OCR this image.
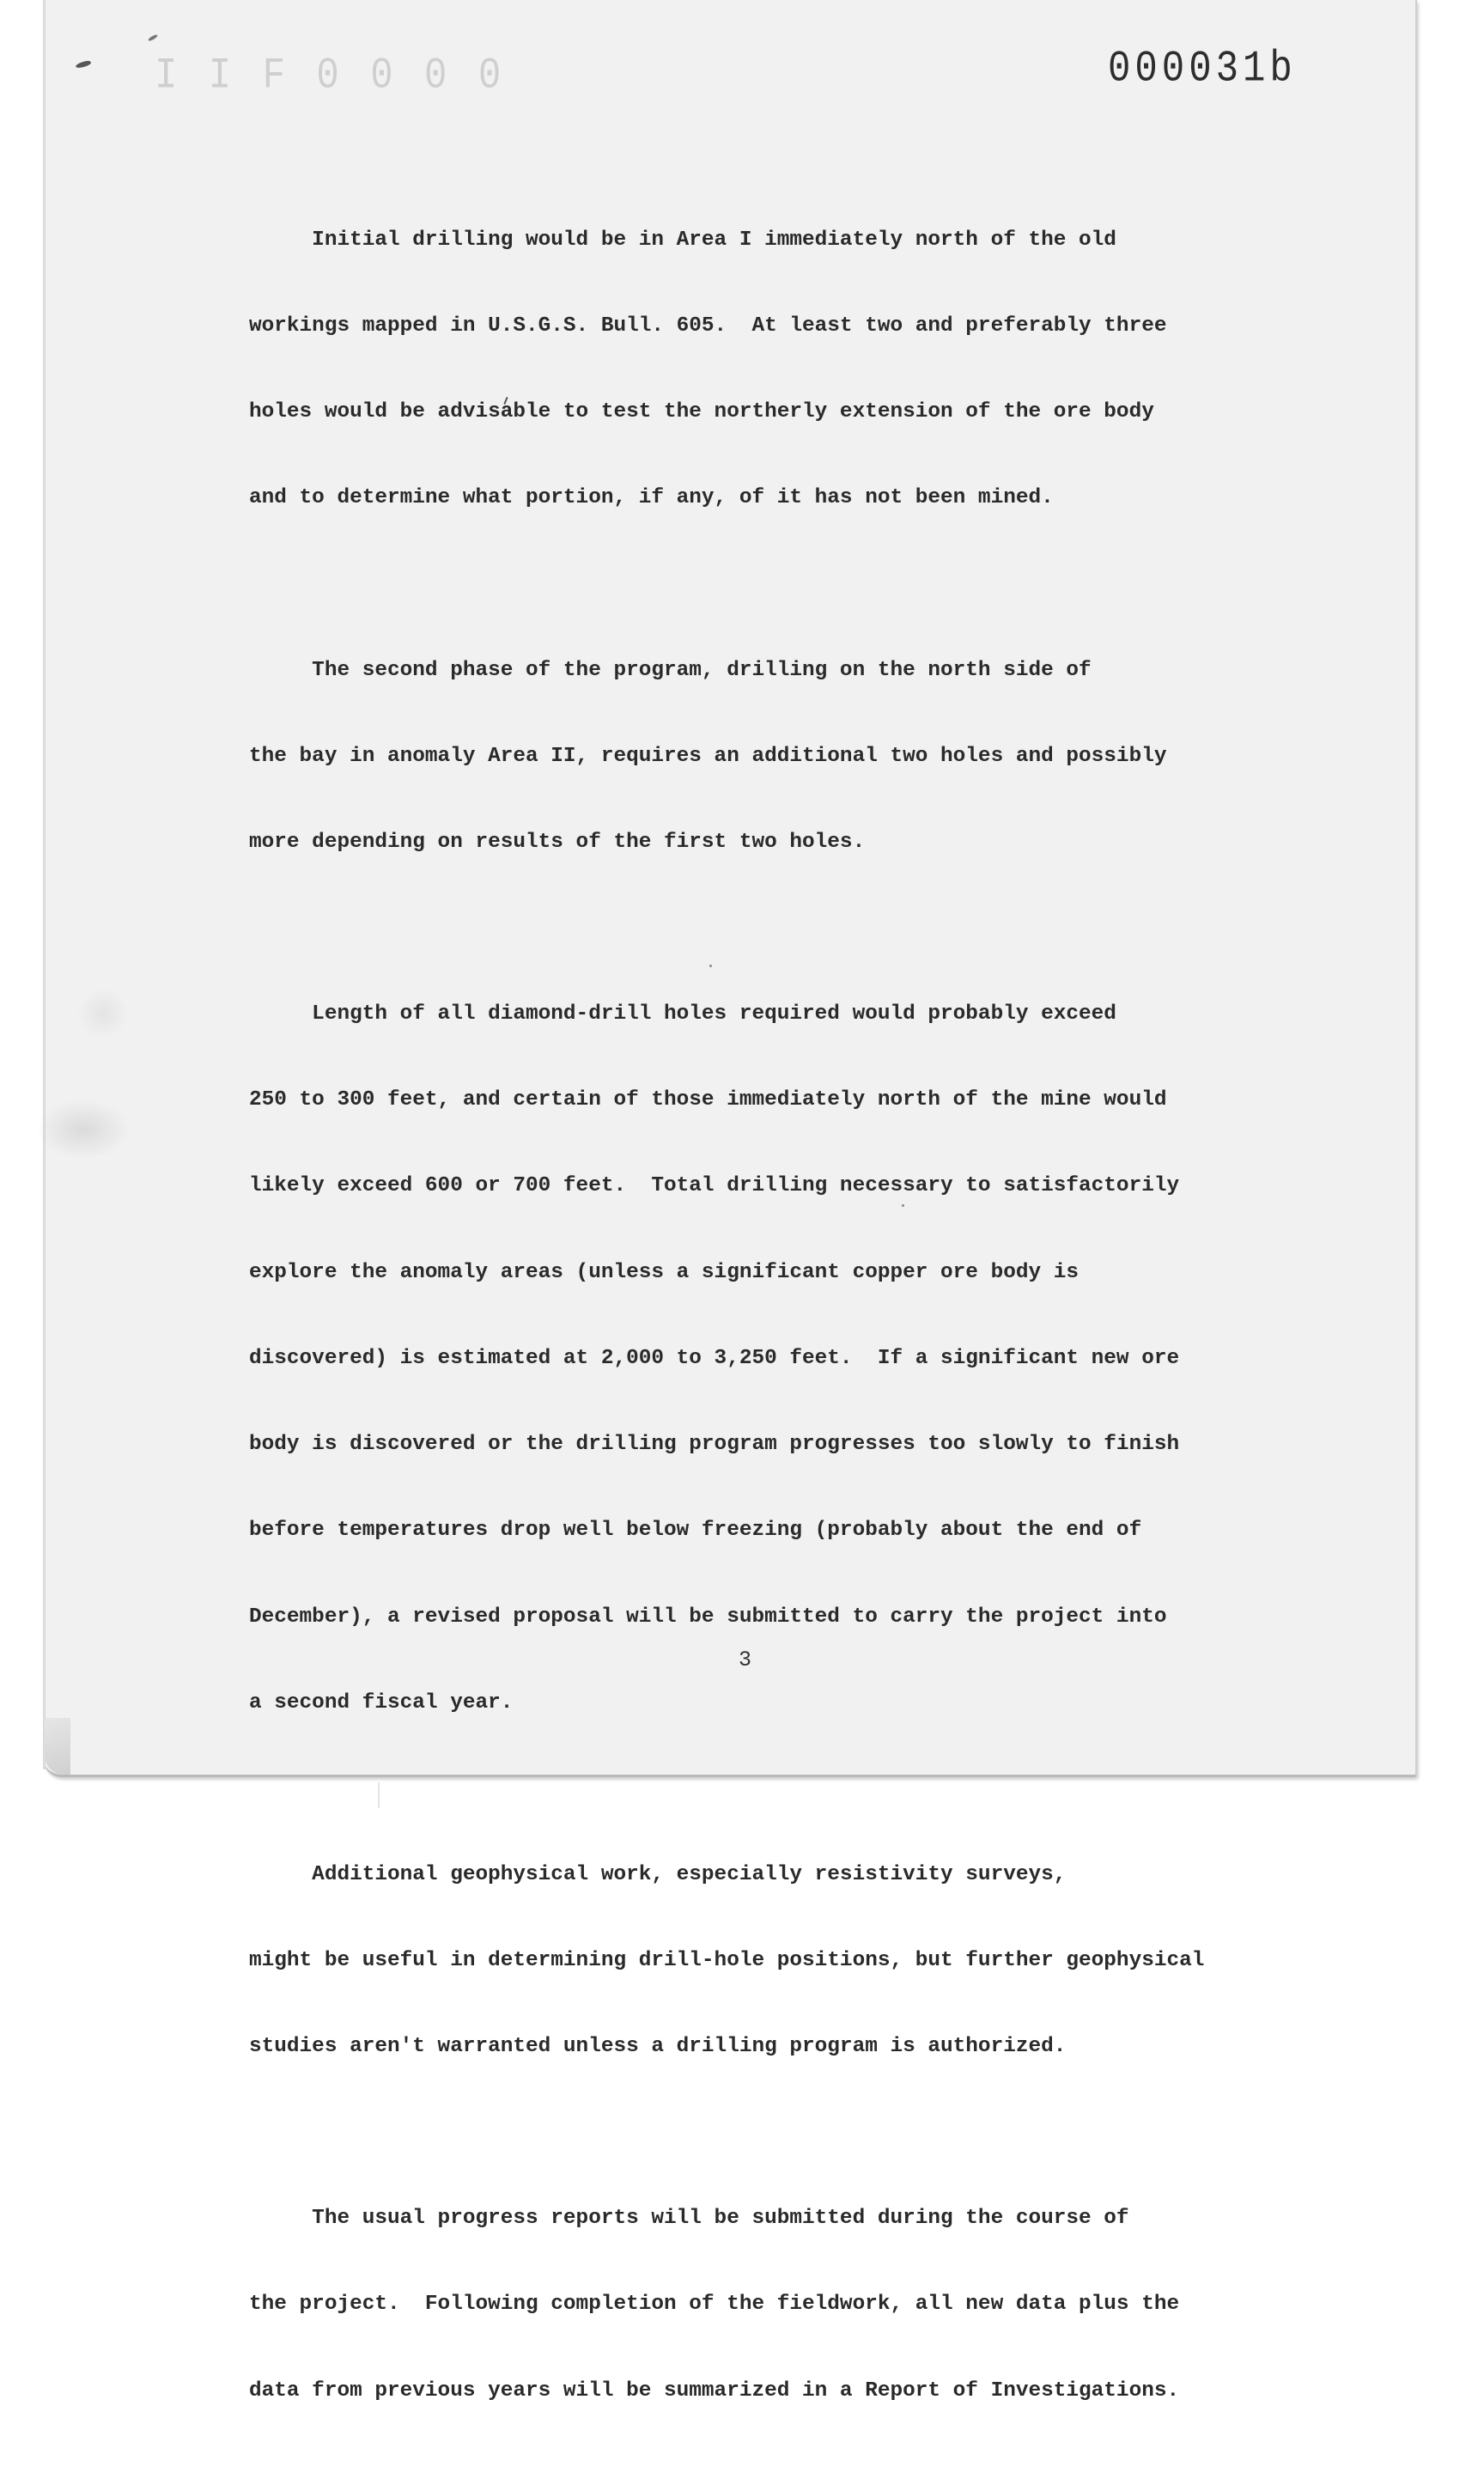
I I F 0 0 0 0	000031b

Initial drilling would be in Area I immediately north of the old

workings mapped in U.S.G.S. Bull. 605.  At least two and preferably three

holes would be advisable to test the northerly extension of the ore body

and to determine what portion, if any, of it has not been mined.

The second phase of the program, drilling on the north side of

the bay in anomaly Area II, requires an additional two holes and possibly

more depending on results of the first two holes.

Length of all diamond-drill holes required would probably exceed

250 to 300 feet, and certain of those immediately north of the mine would

likely exceed 600 or 700 feet.  Total drilling necessary to satisfactorily

explore the anomaly areas (unless a significant copper ore body is

discovered) is estimated at 2,000 to 3,250 feet.  If a significant new ore

body is discovered or the drilling program progresses too slowly to finish

before temperatures drop well below freezing (probably about the end of

December), a revised proposal will be submitted to carry the project into

a second fiscal year.

Additional geophysical work, especially resistivity surveys,

might be useful in determining drill-hole positions, but further geophysical

studies aren't warranted unless a drilling program is authorized.

The usual progress reports will be submitted during the course of

the project.  Following completion of the fieldwork, all new data plus the

data from previous years will be summarized in a Report of Investigations.

3
